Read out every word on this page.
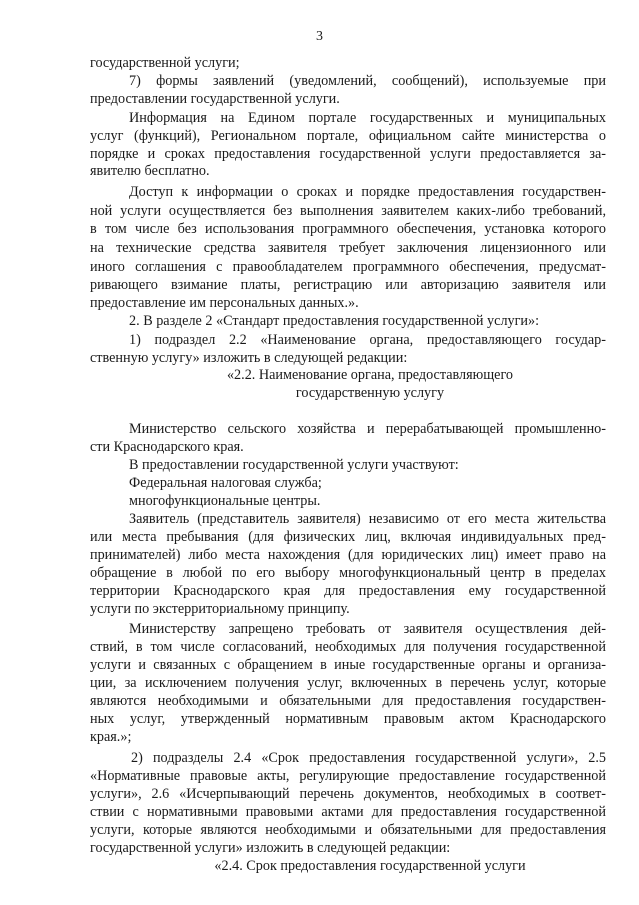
3
государственной услуги;
7) формы заявлений (уведомлений, сообщений), используемые при
предоставлении государственной услуги.
Информация на Едином портале государственных и муниципальных
услуг (функций), Региональном портале, официальном сайте министерства о
порядке и сроках предоставления государственной услуги предоставляется за-
явителю бесплатно.
Доступ к информации о сроках и порядке предоставления государствен-
ной услуги осуществляется без выполнения заявителем каких-либо требований,
в том числе без использования программного обеспечения, установка которого
на технические средства заявителя требует заключения лицензионного или
иного соглашения с правообладателем программного обеспечения, предусмат-
ривающего взимание платы, регистрацию или авторизацию заявителя или
предоставление им персональных данных.».
2. В разделе 2 «Стандарт предоставления государственной услуги»:
1) подраздел 2.2 «Наименование органа, предоставляющего государ-
ственную услугу» изложить в следующей редакции:
«2.2. Наименование органа, предоставляющего
государственную услугу
Министерство сельского хозяйства и перерабатывающей промышленно-
сти Краснодарского края.
В предоставлении государственной услуги участвуют:
Федеральная налоговая служба;
многофункциональные центры.
Заявитель (представитель заявителя) независимо от его места жительства
или места пребывания (для физических лиц, включая индивидуальных пред-
принимателей) либо места нахождения (для юридических лиц) имеет право на
обращение в любой по его выбору многофункциональный центр в пределах
территории Краснодарского края для предоставления ему государственной
услуги по экстерриториальному принципу.
Министерству запрещено требовать от заявителя осуществления дей-
ствий, в том числе согласований, необходимых для получения государственной
услуги и связанных с обращением в иные государственные органы и организа-
ции, за исключением получения услуг, включенных в перечень услуг, которые
являются необходимыми и обязательными для предоставления государствен-
ных услуг, утвержденный нормативным правовым актом Краснодарского
края.»;
2) подразделы 2.4 «Срок предоставления государственной услуги», 2.5
«Нормативные правовые акты, регулирующие предоставление государственной
услуги», 2.6 «Исчерпывающий перечень документов, необходимых в соответ-
ствии с нормативными правовыми актами для предоставления государственной
услуги, которые являются необходимыми и обязательными для предоставления
государственной услуги» изложить в следующей редакции:
«2.4. Срок предоставления государственной услуги
